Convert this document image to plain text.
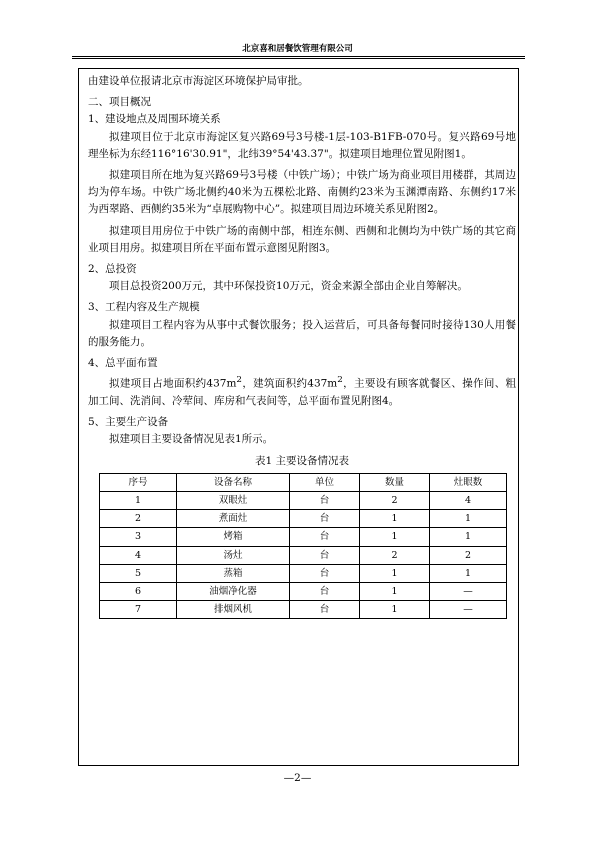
北京喜和居餐饮管理有限公司

由建设单位报请北京市海淀区环境保护局审批。

二、项目概况

1、建设地点及周围环境关系

拟建项目位于北京市海淀区复兴路69号3号楼-1层-103-B1FB-070号。复兴路69号地理坐标为东经116°16'30.91"，北纬39°54'43.37"。拟建项目地理位置见附图1。

拟建项目所在地为复兴路69号3号楼（中铁广场）；中铁广场为商业项目用楼群，其周边均为停车场。中铁广场北侧约40米为五棵松北路、南侧约23米为玉渊潭南路、东侧约17米为西翠路、西侧约35米为“卓展购物中心”。拟建项目周边环境关系见附图2。

拟建项目用房位于中铁广场的南侧中部，相连东侧、西侧和北侧均为中铁广场的其它商业项目用房。拟建项目所在平面布置示意图见附图3。

2、总投资

项目总投资200万元，其中环保投资10万元，资金来源全部由企业自筹解决。

3、工程内容及生产规模

拟建项目工程内容为从事中式餐饮服务；投入运营后，可具备每餐同时接待130人用餐的服务能力。

4、总平面布置

拟建项目占地面积约$437m^2$，建筑面积约$437m^2$，主要设有顾客就餐区、操作间、粗加工间、洗消间、冷荤间、库房和气表间等，总平面布置见附图4。

5、主要生产设备

拟建项目主要设备情况见表1所示。

表1 主要设备情况表

序号	设备名称	单位	数量	灶眼数
1	双眼灶	台	2	4
2	煮面灶	台	1	1
3	烤箱	台	1	1
4	汤灶	台	2	2
5	蒸箱	台	1	1
6	油烟净化器	台	1	—
7	排烟风机	台	1	—
—2—
